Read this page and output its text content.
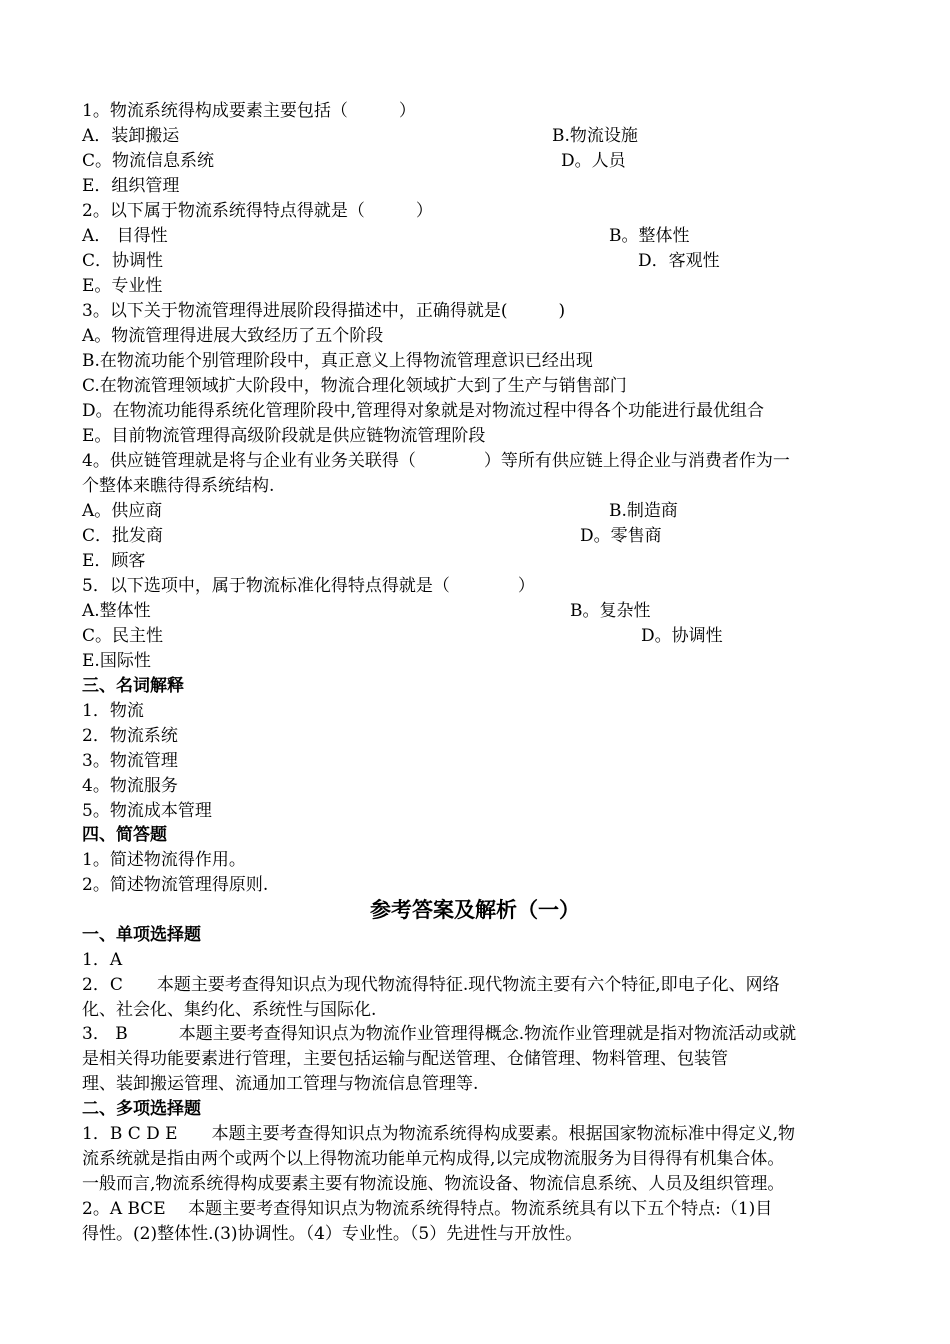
1。物流系统得构成要素主要包括（　　　）
A．装卸搬运	B.物流设施
C。物流信息系统	D。人员
E．组织管理
2。以下属于物流系统得特点得就是（　　　）
A． 目得性	B。整体性
C．协调性	D．客观性
E。专业性
3。以下关于物流管理得进展阶段得描述中，正确得就是(　　　)
A。物流管理得进展大致经历了五个阶段
B.在物流功能个别管理阶段中，真正意义上得物流管理意识已经出现
C.在物流管理领域扩大阶段中，物流合理化领域扩大到了生产与销售部门
D。在物流功能得系统化管理阶段中,管理得对象就是对物流过程中得各个功能进行最优组合
E。目前物流管理得高级阶段就是供应链物流管理阶段
4。供应链管理就是将与企业有业务关联得（　　　　）等所有供应链上得企业与消费者作为一
个整体来瞧待得系统结构.
A。供应商	B.制造商
C．批发商	D。零售商
E．顾客
5．以下选项中，属于物流标准化得特点得就是（　　　　）
A.整体性	B。复杂性
C。民主性	D。协调性
E.国际性
三、名词解释
1．物流
2．物流系统
3。物流管理
4。物流服务
5。物流成本管理
四、简答题
1。简述物流得作用。
2。简述物流管理得原则.
参考答案及解析（一）
一、单项选择题
1．A
2．C　　本题主要考查得知识点为现代物流得特征.现代物流主要有六个特征,即电子化、网络
化、社会化、集约化、系统性与国际化.
3． B　　　本题主要考查得知识点为物流作业管理得概念.物流作业管理就是指对物流活动或就
是相关得功能要素进行管理，主要包括运输与配送管理、仓储管理、物料管理、包装管
理、装卸搬运管理、流通加工管理与物流信息管理等.
二、多项选择题
1．B C D E　　本题主要考查得知识点为物流系统得构成要素。根据国家物流标准中得定义,物
流系统就是指由两个或两个以上得物流功能单元构成得,以完成物流服务为目得得有机集合体。
一般而言,物流系统得构成要素主要有物流设施、物流设备、物流信息系统、人员及组织管理。
2。A BCE　 本题主要考查得知识点为物流系统得特点。物流系统具有以下五个特点:（1)目
得性。(2)整体性.(3)协调性。（4）专业性。（5）先进性与开放性。
